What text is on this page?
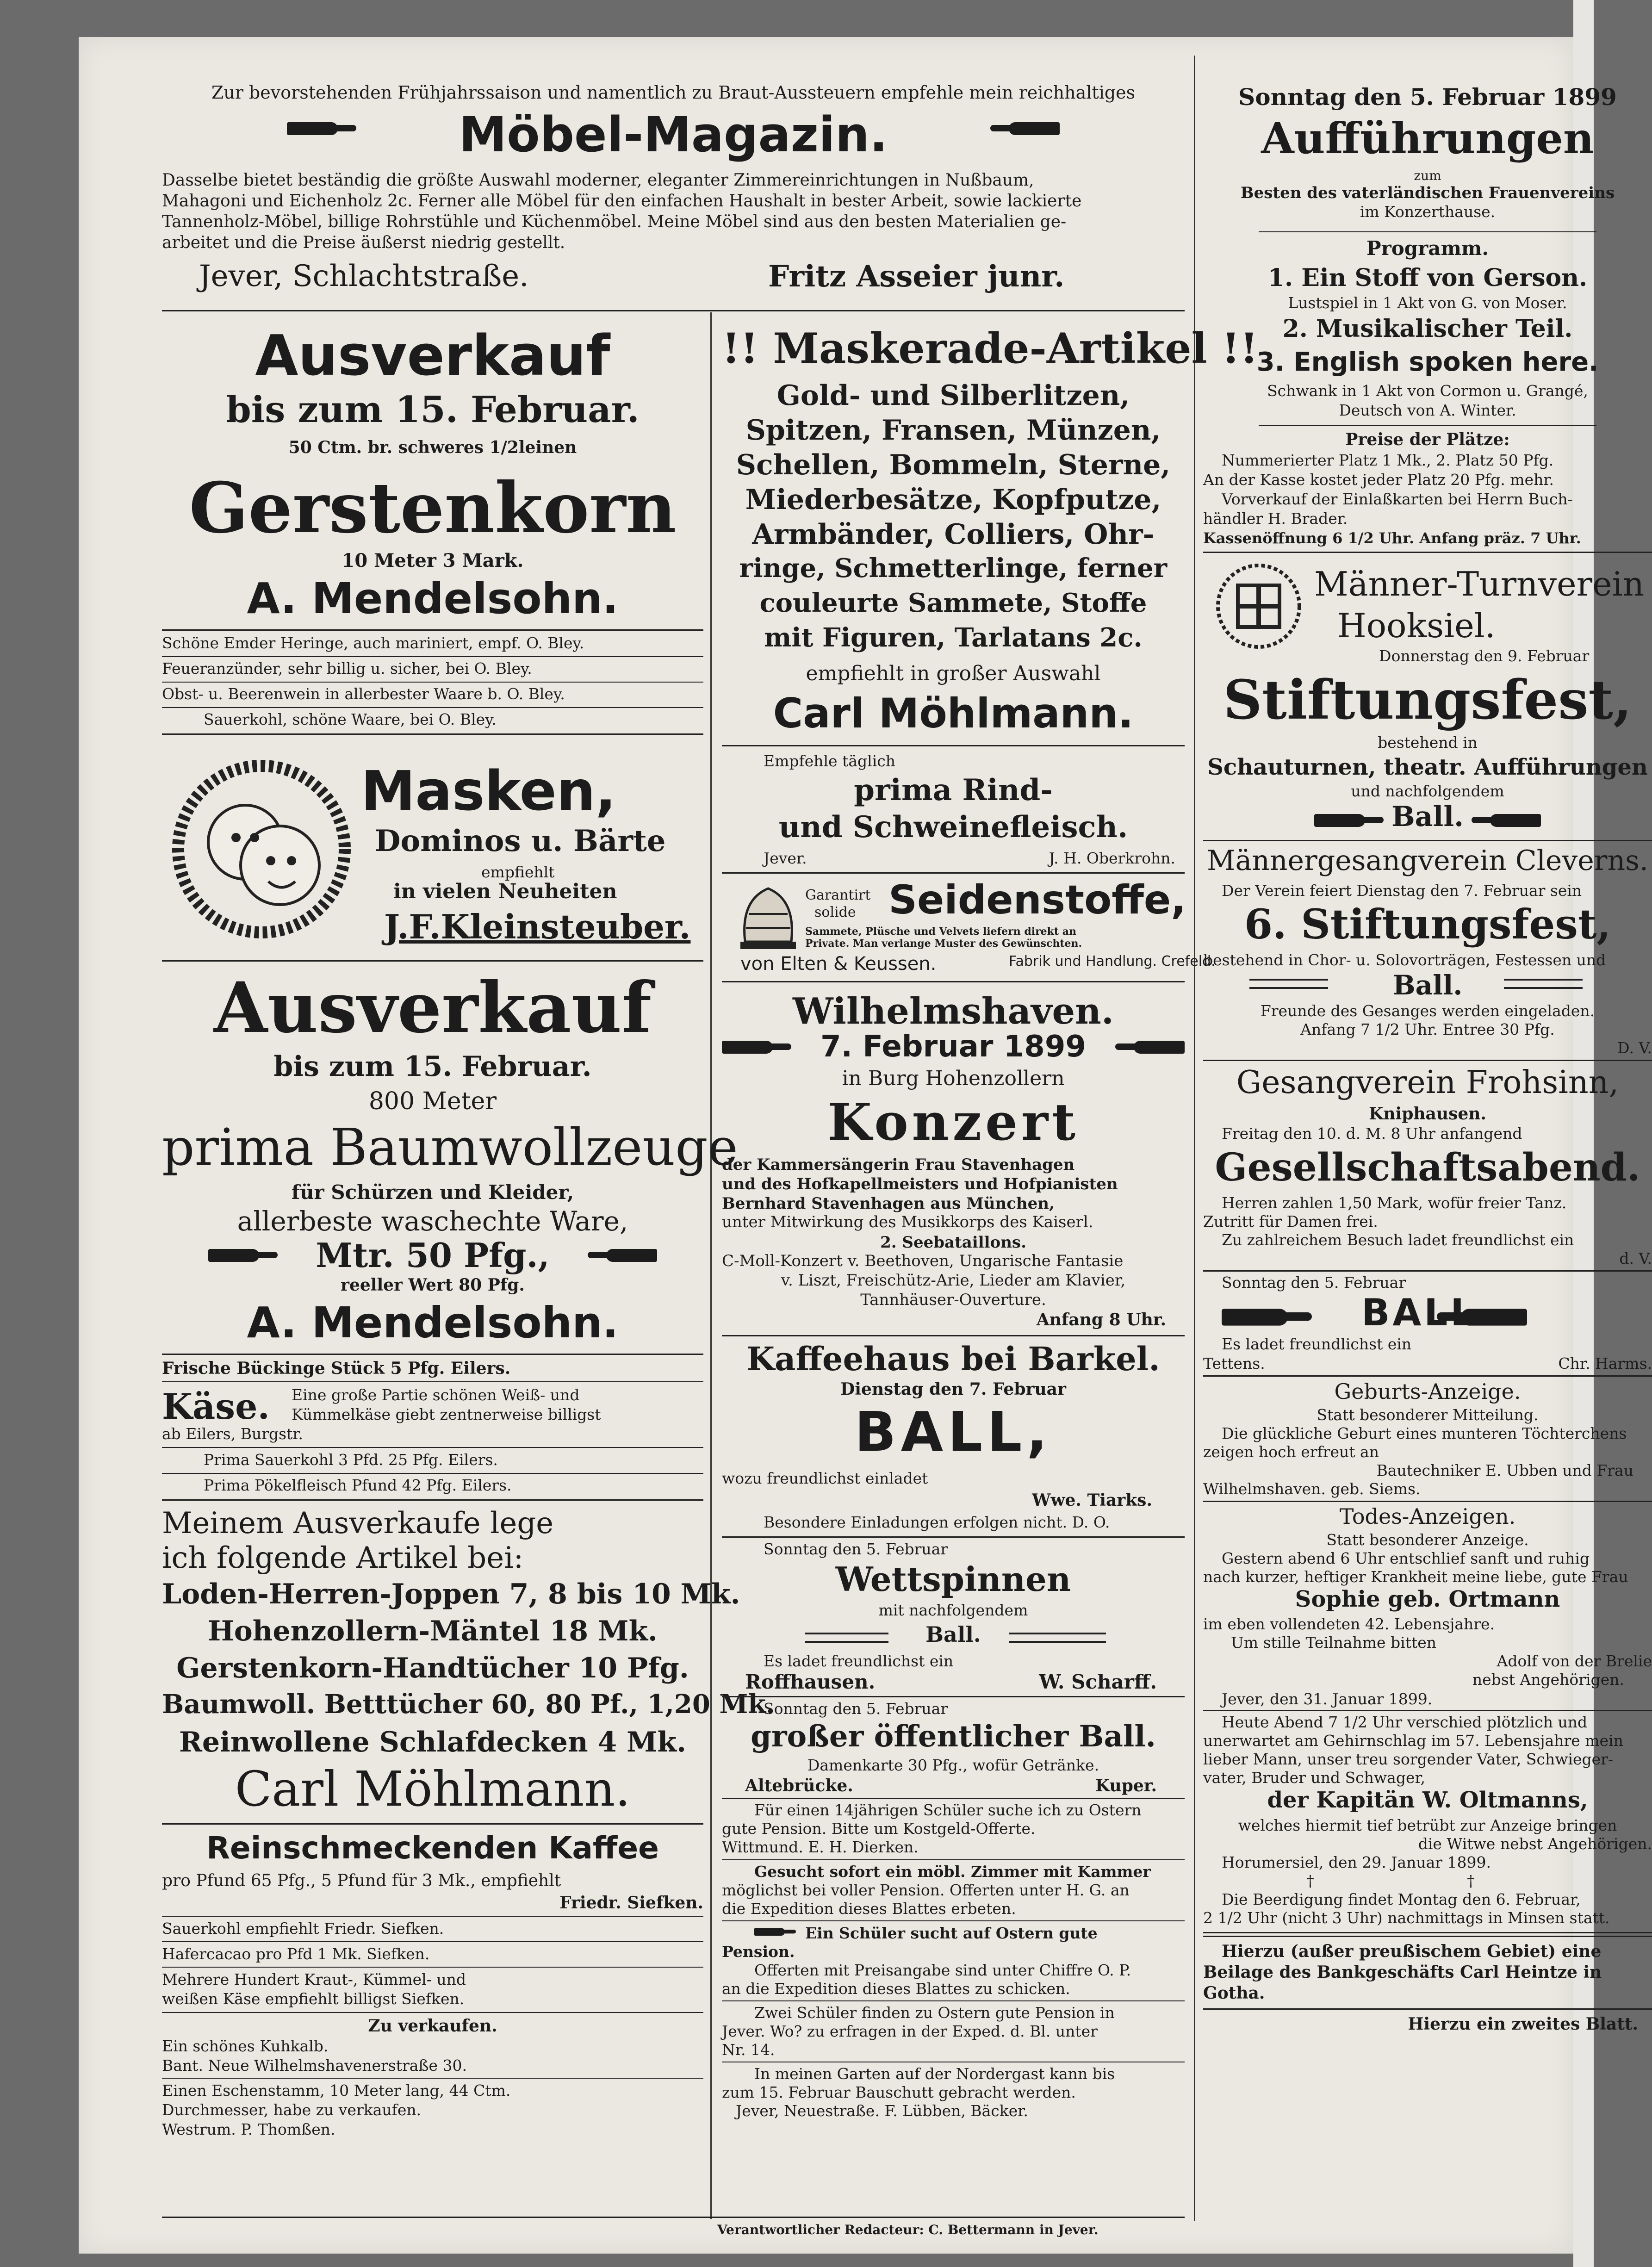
Zur bevorstehenden Frühjahrssaison und namentlich zu Braut-Aussteuern empfehle mein reichhaltiges
Möbel-Magazin.
Dasselbe bietet beständig die größte Auswahl moderner, eleganter Zimmereinrichtungen in Nußbaum,
Mahagoni und Eichenholz 2c. Ferner alle Möbel für den einfachen Haushalt in bester Arbeit, sowie lackierte
Tannenholz-Möbel, billige Rohrstühle und Küchenmöbel. Meine Möbel sind aus den besten Materialien ge-
arbeitet und die Preise äußerst niedrig gestellt.
Jever, Schlachtstraße.	Fritz Asseier junr.
Ausverkauf
bis zum 15. Februar.
50 Ctm. br. schweres 1/2leinen
Gerstenkorn
10 Meter 3 Mark.
A. Mendelsohn.
Schöne Emder Heringe, auch mariniert, empf. O. Bley.
Feueranzünder, sehr billig u. sicher, bei O. Bley.
Obst- u. Beerenwein in allerbester Waare b. O. Bley.
Sauerkohl, schöne Waare, bei O. Bley.
Masken,
Dominos u. Bärte
empfiehlt
in vielen Neuheiten
J.F.Kleinsteuber.
Ausverkauf
bis zum 15. Februar.
800 Meter
prima Baumwollzeuge
für Schürzen und Kleider,
allerbeste waschechte Ware,
Mtr. 50 Pfg.,
reeller Wert 80 Pfg.
A. Mendelsohn.
Frische Bückinge Stück 5 Pfg. Eilers.
Käse. Eine große Partie schönen Weiß- und
Kümmelkäse giebt zentnerweise billigst
ab Eilers, Burgstr.
Prima Sauerkohl 3 Pfd. 25 Pfg. Eilers.
Prima Pökelfleisch Pfund 42 Pfg. Eilers.
Meinem Ausverkaufe lege
ich folgende Artikel bei:
Loden-Herren-Joppen 7, 8 bis 10 Mk.
Hohenzollern-Mäntel 18 Mk.
Gerstenkorn-Handtücher 10 Pfg.
Baumwoll. Betttücher 60, 80 Pf., 1,20 Mk.
Reinwollene Schlafdecken 4 Mk.
Carl Möhlmann.
Reinschmeckenden Kaffee
pro Pfund 65 Pfg., 5 Pfund für 3 Mk., empfiehlt
Friedr. Siefken.
Sauerkohl empfiehlt Friedr. Siefken.
Hafercacao pro Pfd 1 Mk. Siefken.
Mehrere Hundert Kraut-, Kümmel- und
weißen Käse empfiehlt billigst Siefken.
Zu verkaufen.
Ein schönes Kuhkalb.
Bant. Neue Wilhelmshavenerstraße 30.
Einen Eschenstamm, 10 Meter lang, 44 Ctm.
Durchmesser, habe zu verkaufen.
Westrum. P. Thomßen.
!! Maskerade-Artikel !!
Gold- und Silberlitzen,
Spitzen, Fransen, Münzen,
Schellen, Bommeln, Sterne,
Miederbesätze, Kopfputze,
Armbänder, Colliers, Ohr-
ringe, Schmetterlinge, ferner
couleurte Sammete, Stoffe
mit Figuren, Tarlatans 2c.
empfiehlt in großer Auswahl
Carl Möhlmann.
Empfehle täglich
prima Rind-
und Schweinefleisch.
Jever.	J. H. Oberkrohn.
Garantirt
solide Seidenstoffe,
Sammete, Plüsche und Velvets liefern direkt an
Private. Man verlange Muster des Gewünschten.
von Elten & Keussen.	Fabrik und Handlung. Crefeld.
Wilhelmshaven.
7. Februar 1899
in Burg Hohenzollern
Konzert
der Kammersängerin Frau Stavenhagen
und des Hofkapellmeisters und Hofpianisten
Bernhard Stavenhagen aus München,
unter Mitwirkung des Musikkorps des Kaiserl.
2. Seebataillons.
C-Moll-Konzert v. Beethoven, Ungarische Fantasie
v. Liszt, Freischütz-Arie, Lieder am Klavier,
Tannhäuser-Ouverture.
Anfang 8 Uhr.
Kaffeehaus bei Barkel.
Dienstag den 7. Februar
BALL,
wozu freundlichst einladet
Wwe. Tiarks.
Besondere Einladungen erfolgen nicht. D. O.
Sonntag den 5. Februar
Wettspinnen
mit nachfolgendem
Ball.
Es ladet freundlichst ein
Roffhausen.	W. Scharff.
Sonntag den 5. Februar
großer öffentlicher Ball.
Damenkarte 30 Pfg., wofür Getränke.
Altebrücke.	Kuper.
Für einen 14jährigen Schüler suche ich zu Ostern
gute Pension. Bitte um Kostgeld-Offerte.
Wittmund. E. H. Dierken.
Gesucht sofort ein möbl. Zimmer mit Kammer
möglichst bei voller Pension. Offerten unter H. G. an
die Expedition dieses Blattes erbeten.
Ein Schüler sucht auf Ostern gute
Pension.
Offerten mit Preisangabe sind unter Chiffre O. P.
an die Expedition dieses Blattes zu schicken.
Zwei Schüler finden zu Ostern gute Pension in
Jever. Wo? zu erfragen in der Exped. d. Bl. unter
Nr. 14.
In meinen Garten auf der Nordergast kann bis
zum 15. Februar Bauschutt gebracht werden.
Jever, Neuestraße. F. Lübben, Bäcker.
Sonntag den 5. Februar 1899
Aufführungen
zum
Besten des vaterländischen Frauenvereins
im Konzerthause.
Programm.
1. Ein Stoff von Gerson.
Lustspiel in 1 Akt von G. von Moser.
2. Musikalischer Teil.
3. English spoken here.
Schwank in 1 Akt von Cormon u. Grangé,
Deutsch von A. Winter.
Preise der Plätze:
Nummerierter Platz 1 Mk., 2. Platz 50 Pfg.
An der Kasse kostet jeder Platz 20 Pfg. mehr.
Vorverkauf der Einlaßkarten bei Herrn Buch-
händler H. Brader.
Kassenöffnung 6 1/2 Uhr. Anfang präz. 7 Uhr.
Männer-Turnverein
Hooksiel.
Donnerstag den 9. Februar
Stiftungsfest,
bestehend in
Schauturnen, theatr. Aufführungen
und nachfolgendem
Ball.
Männergesangverein Cleverns.
Der Verein feiert Dienstag den 7. Februar sein
6. Stiftungsfest,
bestehend in Chor- u. Solovorträgen, Festessen und
Ball.
Freunde des Gesanges werden eingeladen.
Anfang 7 1/2 Uhr. Entree 30 Pfg.
D. V.
Gesangverein Frohsinn,
Kniphausen.
Freitag den 10. d. M. 8 Uhr anfangend
Gesellschaftsabend.
Herren zahlen 1,50 Mark, wofür freier Tanz.
Zutritt für Damen frei.
Zu zahlreichem Besuch ladet freundlichst ein
d. V.
Sonntag den 5. Februar
BALL.
Es ladet freundlichst ein
Tettens.	Chr. Harms.
Geburts-Anzeige.
Statt besonderer Mitteilung.
Die glückliche Geburt eines munteren Töchterchens
zeigen hoch erfreut an
Bautechniker E. Ubben und Frau
Wilhelmshaven. geb. Siems.
Todes-Anzeigen.
Statt besonderer Anzeige.
Gestern abend 6 Uhr entschlief sanft und ruhig
nach kurzer, heftiger Krankheit meine liebe, gute Frau
Sophie geb. Ortmann
im eben vollendeten 42. Lebensjahre.
Um stille Teilnahme bitten
Adolf von der Brelie
nebst Angehörigen.
Jever, den 31. Januar 1899.
Heute Abend 7 1/2 Uhr verschied plötzlich und
unerwartet am Gehirnschlag im 57. Lebensjahre mein
lieber Mann, unser treu sorgender Vater, Schwieger-
vater, Bruder und Schwager,
der Kapitän W. Oltmanns,
welches hiermit tief betrübt zur Anzeige bringen
die Witwe nebst Angehörigen.
Horumersiel, den 29. Januar 1899.
† †
Die Beerdigung findet Montag den 6. Februar,
2 1/2 Uhr (nicht 3 Uhr) nachmittags in Minsen statt.
Hierzu (außer preußischem Gebiet) eine
Beilage des Bankgeschäfts Carl Heintze in
Gotha.
Hierzu ein zweites Blatt.
Verantwortlicher Redacteur: C. Bettermann in Jever.
